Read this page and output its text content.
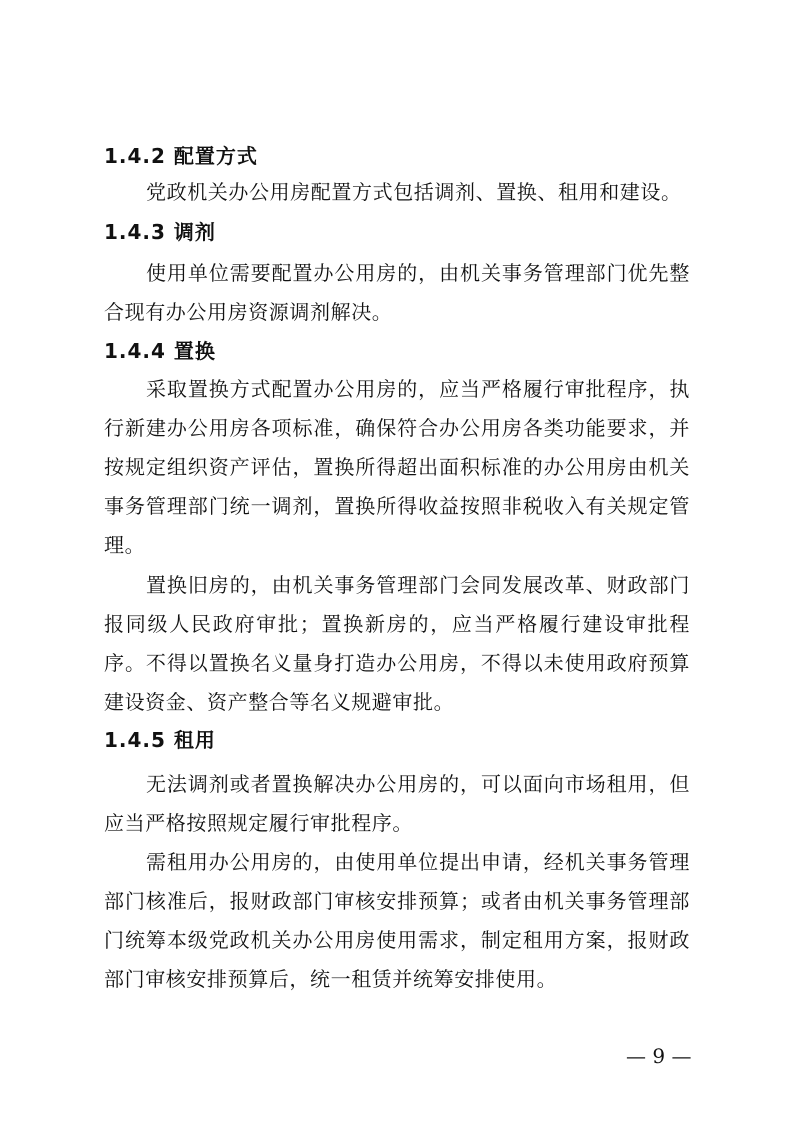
1.4.2 配置方式
党政机关办公用房配置方式包括调剂、置换、租用和建设。
1.4.3 调剂
使用单位需要配置办公用房的，由机关事务管理部门优先整合现有办公用房资源调剂解决。
1.4.4 置换
采取置换方式配置办公用房的，应当严格履行审批程序，执行新建办公用房各项标准，确保符合办公用房各类功能要求，并按规定组织资产评估，置换所得超出面积标准的办公用房由机关事务管理部门统一调剂，置换所得收益按照非税收入有关规定管理。
置换旧房的，由机关事务管理部门会同发展改革、财政部门报同级人民政府审批；置换新房的，应当严格履行建设审批程序。不得以置换名义量身打造办公用房，不得以未使用政府预算建设资金、资产整合等名义规避审批。
1.4.5 租用
无法调剂或者置换解决办公用房的，可以面向市场租用，但应当严格按照规定履行审批程序。
需租用办公用房的，由使用单位提出申请，经机关事务管理部门核准后，报财政部门审核安排预算；或者由机关事务管理部门统筹本级党政机关办公用房使用需求，制定租用方案，报财政部门审核安排预算后，统一租赁并统筹安排使用。
— 9 —
